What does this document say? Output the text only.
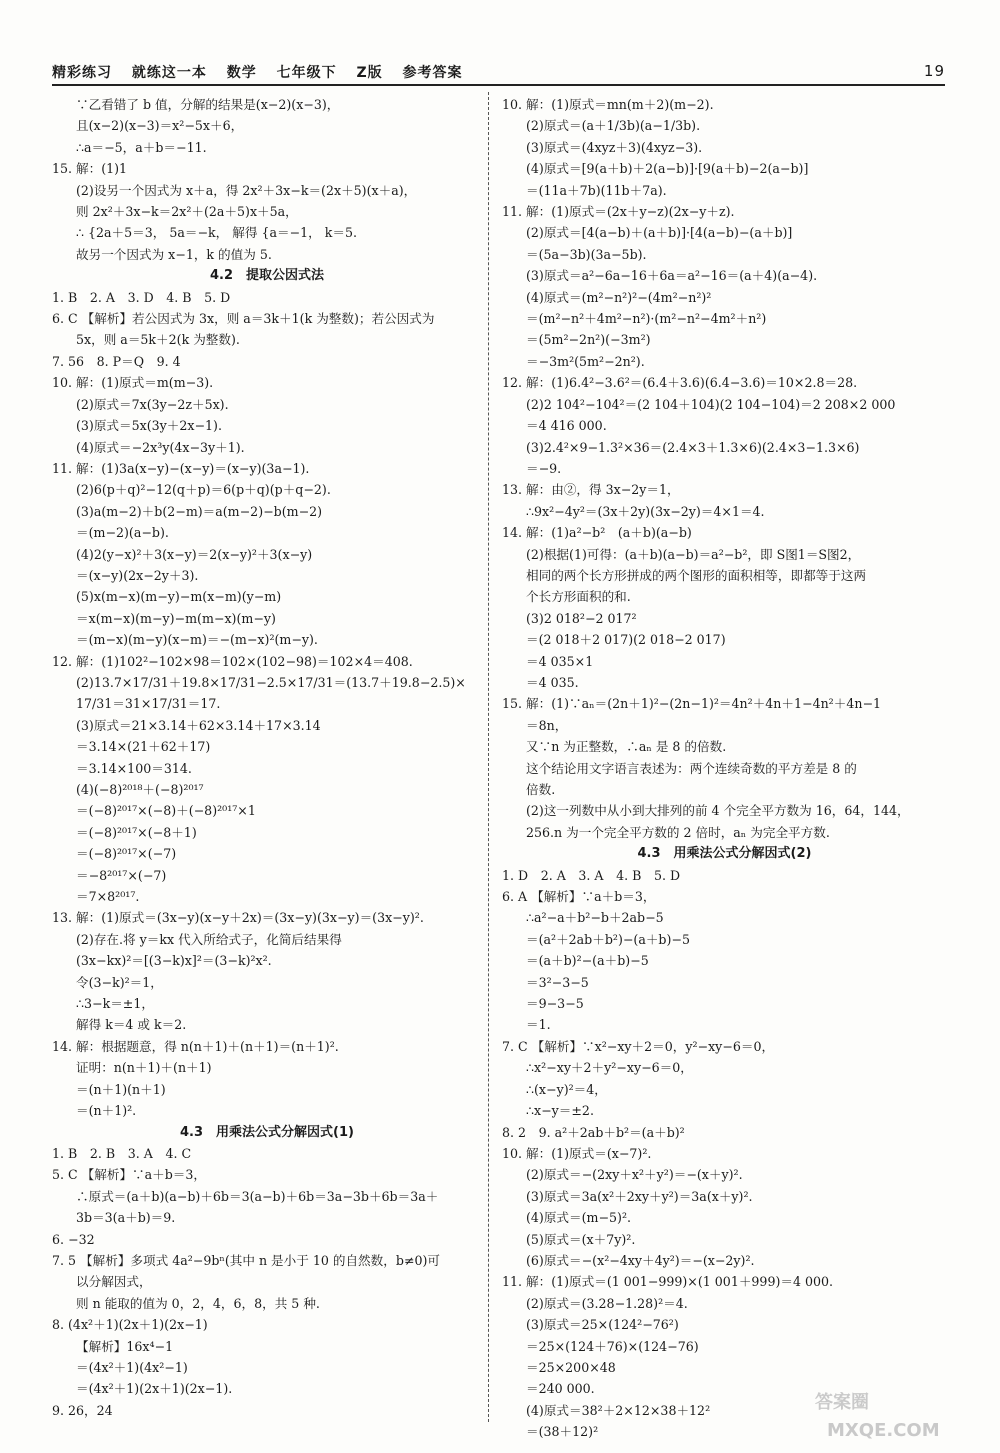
精彩练习 就练这一本 数学 七年级下 Z版 参考答案	19
∵乙看错了 b 值，分解的结果是(x−2)(x−3)，
且(x−2)(x−3)＝x²−5x＋6，
∴a＝−5，a＋b＝−11.
15. 解：(1)1
(2)设另一个因式为 x＋a，得 2x²＋3x−k＝(2x＋5)(x＋a)，
则 2x²＋3x−k＝2x²＋(2a＋5)x＋5a，
∴ {2a＋5＝3， 5a＝−k， 解得 {a＝−1， k＝5.
故另一个因式为 x−1，k 的值为 5.
4.2　提取公因式法
1. B　2. A　3. D　4. B　5. D
6. C 【解析】若公因式为 3x，则 a＝3k＋1(k 为整数)；若公因式为
5x，则 a＝5k＋2(k 为整数).
7. 56　8. P＝Q　9. 4
10. 解：(1)原式＝m(m−3).
(2)原式＝7x(3y−2z＋5x).
(3)原式＝5x(3y＋2x−1).
(4)原式＝−2x³y(4x−3y＋1).
11. 解：(1)3a(x−y)−(x−y)＝(x−y)(3a−1).
(2)6(p＋q)²−12(q＋p)＝6(p＋q)(p＋q−2).
(3)a(m−2)＋b(2−m)＝a(m−2)−b(m−2)
＝(m−2)(a−b).
(4)2(y−x)²＋3(x−y)＝2(x−y)²＋3(x−y)
＝(x−y)(2x−2y＋3).
(5)x(m−x)(m−y)−m(x−m)(y−m)
＝x(m−x)(m−y)−m(m−x)(m−y)
＝(m−x)(m−y)(x−m)＝−(m−x)²(m−y).
12. 解：(1)102²−102×98＝102×(102−98)＝102×4＝408.
(2)13.7×17/31＋19.8×17/31−2.5×17/31＝(13.7＋19.8−2.5)×
17/31＝31×17/31＝17.
(3)原式＝21×3.14＋62×3.14＋17×3.14
＝3.14×(21＋62＋17)
＝3.14×100＝314.
(4)(−8)²⁰¹⁸＋(−8)²⁰¹⁷
＝(−8)²⁰¹⁷×(−8)＋(−8)²⁰¹⁷×1
＝(−8)²⁰¹⁷×(−8＋1)
＝(−8)²⁰¹⁷×(−7)
＝−8²⁰¹⁷×(−7)
＝7×8²⁰¹⁷.
13. 解：(1)原式＝(3x−y)(x−y＋2x)＝(3x−y)(3x−y)＝(3x−y)².
(2)存在.将 y＝kx 代入所给式子，化简后结果得
(3x−kx)²＝[(3−k)x]²＝(3−k)²x².
令(3−k)²＝1，
∴3−k＝±1，
解得 k＝4 或 k＝2.
14. 解：根据题意，得 n(n＋1)＋(n＋1)＝(n＋1)².
证明：n(n＋1)＋(n＋1)
＝(n＋1)(n＋1)
＝(n＋1)².
4.3　用乘法公式分解因式(1)
1. B　2. B　3. A　4. C
5. C 【解析】∵a＋b＝3，
∴原式＝(a＋b)(a−b)＋6b＝3(a−b)＋6b＝3a−3b＋6b＝3a＋
3b＝3(a＋b)＝9.
6. −32
7. 5 【解析】多项式 4a²−9bⁿ(其中 n 是小于 10 的自然数，b≠0)可
以分解因式，
则 n 能取的值为 0，2，4，6，8，共 5 种.
8. (4x²＋1)(2x＋1)(2x−1)
【解析】16x⁴−1
＝(4x²＋1)(4x²−1)
＝(4x²＋1)(2x＋1)(2x−1).
9. 26，24
10. 解：(1)原式＝mn(m＋2)(m−2).
(2)原式＝(a＋1/3b)(a−1/3b).
(3)原式＝(4xyz＋3)(4xyz−3).
(4)原式＝[9(a＋b)＋2(a−b)]·[9(a＋b)−2(a−b)]
＝(11a＋7b)(11b＋7a).
11. 解：(1)原式＝(2x＋y−z)(2x−y＋z).
(2)原式＝[4(a−b)＋(a＋b)]·[4(a−b)−(a＋b)]
＝(5a−3b)(3a−5b).
(3)原式＝a²−6a−16＋6a＝a²−16＝(a＋4)(a−4).
(4)原式＝(m²−n²)²−(4m²−n²)²
＝(m²−n²＋4m²−n²)·(m²−n²−4m²＋n²)
＝(5m²−2n²)(−3m²)
＝−3m²(5m²−2n²).
12. 解：(1)6.4²−3.6²＝(6.4＋3.6)(6.4−3.6)＝10×2.8＝28.
(2)2 104²−104²＝(2 104＋104)(2 104−104)＝2 208×2 000
＝4 416 000.
(3)2.4²×9−1.3²×36＝(2.4×3＋1.3×6)(2.4×3−1.3×6)
＝−9.
13. 解：由②，得 3x−2y＝1，
∴9x²−4y²＝(3x＋2y)(3x−2y)＝4×1＝4.
14. 解：(1)a²−b²　(a＋b)(a−b)
(2)根据(1)可得：(a＋b)(a−b)＝a²−b²，即 S图1＝S图2，
相同的两个长方形拼成的两个图形的面积相等，即都等于这两
个长方形面积的和.
(3)2 018²−2 017²
＝(2 018＋2 017)(2 018−2 017)
＝4 035×1
＝4 035.
15. 解：(1)∵aₙ＝(2n＋1)²−(2n−1)²＝4n²＋4n＋1−4n²＋4n−1
＝8n，
又∵n 为正整数，∴aₙ 是 8 的倍数.
这个结论用文字语言表述为：两个连续奇数的平方差是 8 的
倍数.
(2)这一列数中从小到大排列的前 4 个完全平方数为 16，64，144，
256.n 为一个完全平方数的 2 倍时，aₙ 为完全平方数.
4.3　用乘法公式分解因式(2)
1. D　2. A　3. A　4. B　5. D
6. A 【解析】∵a＋b＝3，
∴a²−a＋b²−b＋2ab−5
＝(a²＋2ab＋b²)−(a＋b)−5
＝(a＋b)²−(a＋b)−5
＝3²−3−5
＝9−3−5
＝1.
7. C 【解析】∵x²−xy＋2＝0，y²−xy−6＝0，
∴x²−xy＋2＋y²−xy−6＝0，
∴(x−y)²＝4，
∴x−y＝±2.
8. 2　9. a²＋2ab＋b²＝(a＋b)²
10. 解：(1)原式＝(x−7)².
(2)原式＝−(2xy＋x²＋y²)＝−(x＋y)².
(3)原式＝3a(x²＋2xy＋y²)＝3a(x＋y)².
(4)原式＝(m−5)².
(5)原式＝(x＋7y)².
(6)原式＝−(x²−4xy＋4y²)＝−(x−2y)².
11. 解：(1)原式＝(1 001−999)×(1 001＋999)＝4 000.
(2)原式＝(3.28−1.28)²＝4.
(3)原式＝25×(124²−76²)
＝25×(124＋76)×(124−76)
＝25×200×48
＝240 000.
(4)原式＝38²＋2×12×38＋12²
＝(38＋12)²
答案圈
MXQE.COM
